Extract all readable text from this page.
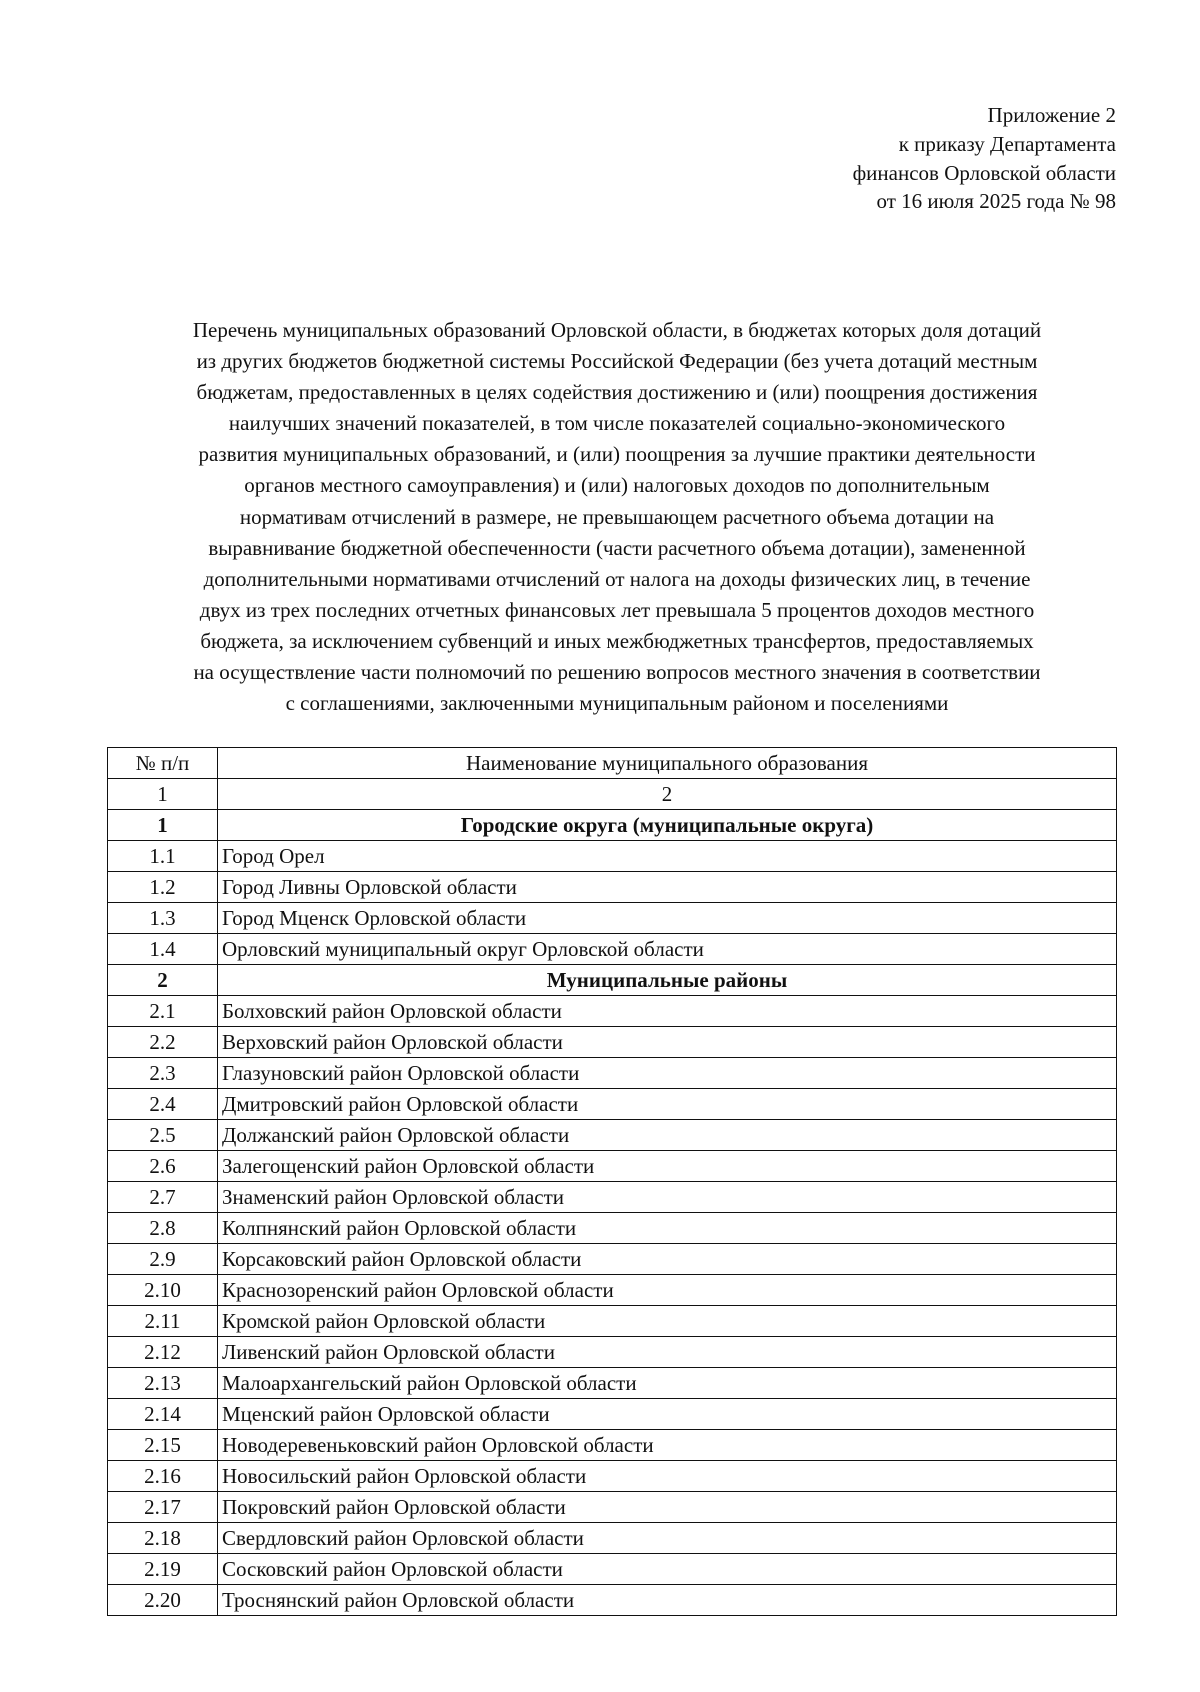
Приложение 2
к приказу Департамента
финансов Орловской области
от 16 июля 2025 года № 98
Перечень муниципальных образований Орловской области, в бюджетах которых доля дотаций
из других бюджетов бюджетной системы Российской Федерации (без учета дотаций местным
бюджетам, предоставленных в целях содействия достижению и (или) поощрения достижения
наилучших значений показателей, в том числе показателей социально-экономического
развития муниципальных образований, и (или) поощрения за лучшие практики деятельности
органов местного самоуправления) и (или) налоговых доходов по дополнительным
нормативам отчислений в размере, не превышающем расчетного объема дотации на
выравнивание бюджетной обеспеченности (части расчетного объема дотации), замененной
дополнительными нормативами отчислений от налога на доходы физических лиц, в течение
двух из трех последних отчетных финансовых лет превышала 5 процентов доходов местного
бюджета, за исключением субвенций и иных межбюджетных трансфертов, предоставляемых
на осуществление части полномочий по решению вопросов местного значения в соответствии
с соглашениями, заключенными муниципальным районом и поселениями
№ п/п	Наименование муниципального образования
1	2
1	Городские округа (муниципальные округа)
1.1	Город Орел
1.2	Город Ливны Орловской области
1.3	Город Мценск Орловской области
1.4	Орловский муниципальный округ Орловской области
2	Муниципальные районы
2.1	Болховский район Орловской области
2.2	Верховский район Орловской области
2.3	Глазуновский район Орловской области
2.4	Дмитровский район Орловской области
2.5	Должанский район Орловской области
2.6	Залегощенский район Орловской области
2.7	Знаменский район Орловской области
2.8	Колпнянский район Орловской области
2.9	Корсаковский район Орловской области
2.10	Краснозоренский район Орловской области
2.11	Кромской район Орловской области
2.12	Ливенский район Орловской области
2.13	Малоархангельский район Орловской области
2.14	Мценский район Орловской области
2.15	Новодеревеньковский район Орловской области
2.16	Новосильский район Орловской области
2.17	Покровский район Орловской области
2.18	Свердловский район Орловской области
2.19	Сосковский район Орловской области
2.20	Троснянский район Орловской области
